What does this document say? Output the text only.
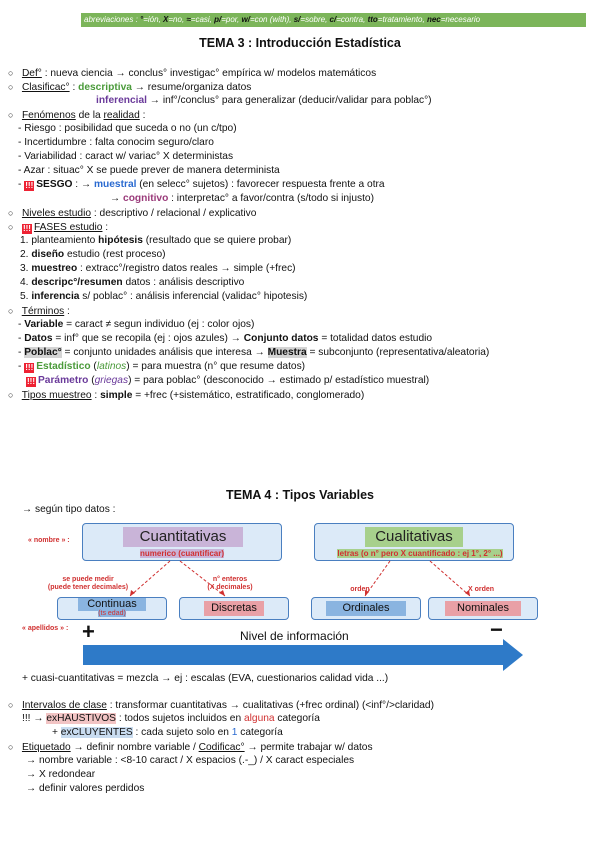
abreviaciones : °=ión, X=no, ≈=casi, p/=por, w/=con (with), s/=sobre, c/=contra, tto=tratamiento, nec=necesario
TEMA 3 : Introducción Estadística
○ Def° : nueva ciencia → conclus° investigac° empírica w/ modelos matemáticos
○ Clasificac° : descriptiva → resume/organiza datos
inferencial → inf°/conclus° para generalizar (deducir/validar para poblac°)
○ Fenómenos de la realidad :
- Riesgo : posibilidad que suceda o no (un c/tpo)
- Incertidumbre : falta conocim seguro/claro
- Variabilidad : caract w/ variac° X deterministas
- Azar : situac° X se puede prever de manera determinista
- !!! SESGO : → muestral (en selecc° sujetos) : favorecer respuesta frente a otra
→ cognitivo : interpretac° a favor/contra (s/todo si injusto)
○ Niveles estudio : descriptivo / relacional / explicativo
○ !!! FASES estudio :
1. planteamiento hipótesis (resultado que se quiere probar)
2. diseño estudio (rest proceso)
3. muestreo : extracc°/registro datos reales → simple (+frec)
4. descripc°/resumen datos : análisis descriptivo
5. inferencia s/ poblac° : análisis inferencial (validac° hipotesis)
○ Términos :
- Variable = caract ≠ segun individuo (ej : color ojos)
- Datos = inf° que se recopila (ej : ojos azules) → Conjunto datos = totalidad datos estudio
- Poblac° = conjunto unidades análisis que interesa → Muestra = subconjunto (representativa/aleatoria)
- !!! Estadístico (latinos) = para muestra (n° que resume datos)
!!! Parámetro (griegas) = para poblac° (desconocido → estimado p/ estadístico muestral)
○ Tipos muestreo : simple = +frec (+sistemático, estratificado, conglomerado)
TEMA 4 : Tipos Variables
→ según tipo datos :
« nombre » :
« apellidos » :
Cuantitativas
numerico (cuantificar)
Cualitativas
letras (o n° pero X cuantificado : ej 1°, 2° ...)
se puede medir
(puede tener decimales)
n° enteros
(X decimales)	orden	X orden
Continuas
(ts edad)	Discretas	Ordinales	Nominales
+	−
Nivel de información
+ cuasi-cuantitativas = mezcla → ej : escalas (EVA, cuestionarios calidad vida ...)
○ Intervalos de clase : transformar cuantitativas → cualitativas (+frec ordinal) (<inf°/>claridad)
!!! → exHAUSTIVOS : todos sujetos incluidos en alguna categoría
+ exCLUYENTES : cada sujeto solo en 1 categoría
○ Etiquetado → definir nombre variable / Codificac° → permite trabajar w/ datos
→ nombre variable : <8-10 caract / X espacios (.-_) / X caract especiales
→ X redondear
→ definir valores perdidos
